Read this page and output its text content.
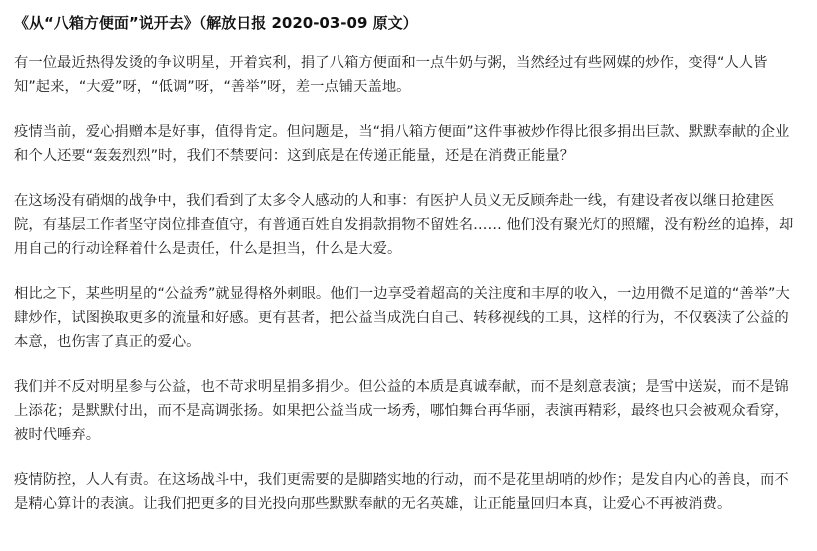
《从“八箱方便面”说开去》（解放日报 2020-03-09 原文）

有一位最近热得发烫的争议明星，开着宾利，捐了八箱方便面和一点牛奶与粥，当然经过有些网媒的炒作，变得“人人皆知”起来，“大爱”呀，“低调”呀，“善举”呀，差一点铺天盖地。

疫情当前，爱心捐赠本是好事，值得肯定。但问题是，当“捐八箱方便面”这件事被炒作得比很多捐出巨款、默默奉献的企业和个人还要“轰轰烈烈”时，我们不禁要问：这到底是在传递正能量，还是在消费正能量？

在这场没有硝烟的战争中，我们看到了太多令人感动的人和事：有医护人员义无反顾奔赴一线，有建设者夜以继日抢建医院，有基层工作者坚守岗位排查值守，有普通百姓自发捐款捐物不留姓名…… 他们没有聚光灯的照耀，没有粉丝的追捧，却用自己的行动诠释着什么是责任，什么是担当，什么是大爱。

相比之下，某些明星的“公益秀”就显得格外刺眼。他们一边享受着超高的关注度和丰厚的收入，一边用微不足道的“善举”大肆炒作，试图换取更多的流量和好感。更有甚者，把公益当成洗白自己、转移视线的工具，这样的行为，不仅亵渎了公益的本意，也伤害了真正的爱心。

我们并不反对明星参与公益，也不苛求明星捐多捐少。但公益的本质是真诚奉献，而不是刻意表演；是雪中送炭，而不是锦上添花；是默默付出，而不是高调张扬。如果把公益当成一场秀，哪怕舞台再华丽，表演再精彩，最终也只会被观众看穿，被时代唾弃。

疫情防控，人人有责。在这场战斗中，我们更需要的是脚踏实地的行动，而不是花里胡哨的炒作；是发自内心的善良，而不是精心算计的表演。让我们把更多的目光投向那些默默奉献的无名英雄，让正能量回归本真，让爱心不再被消费。
